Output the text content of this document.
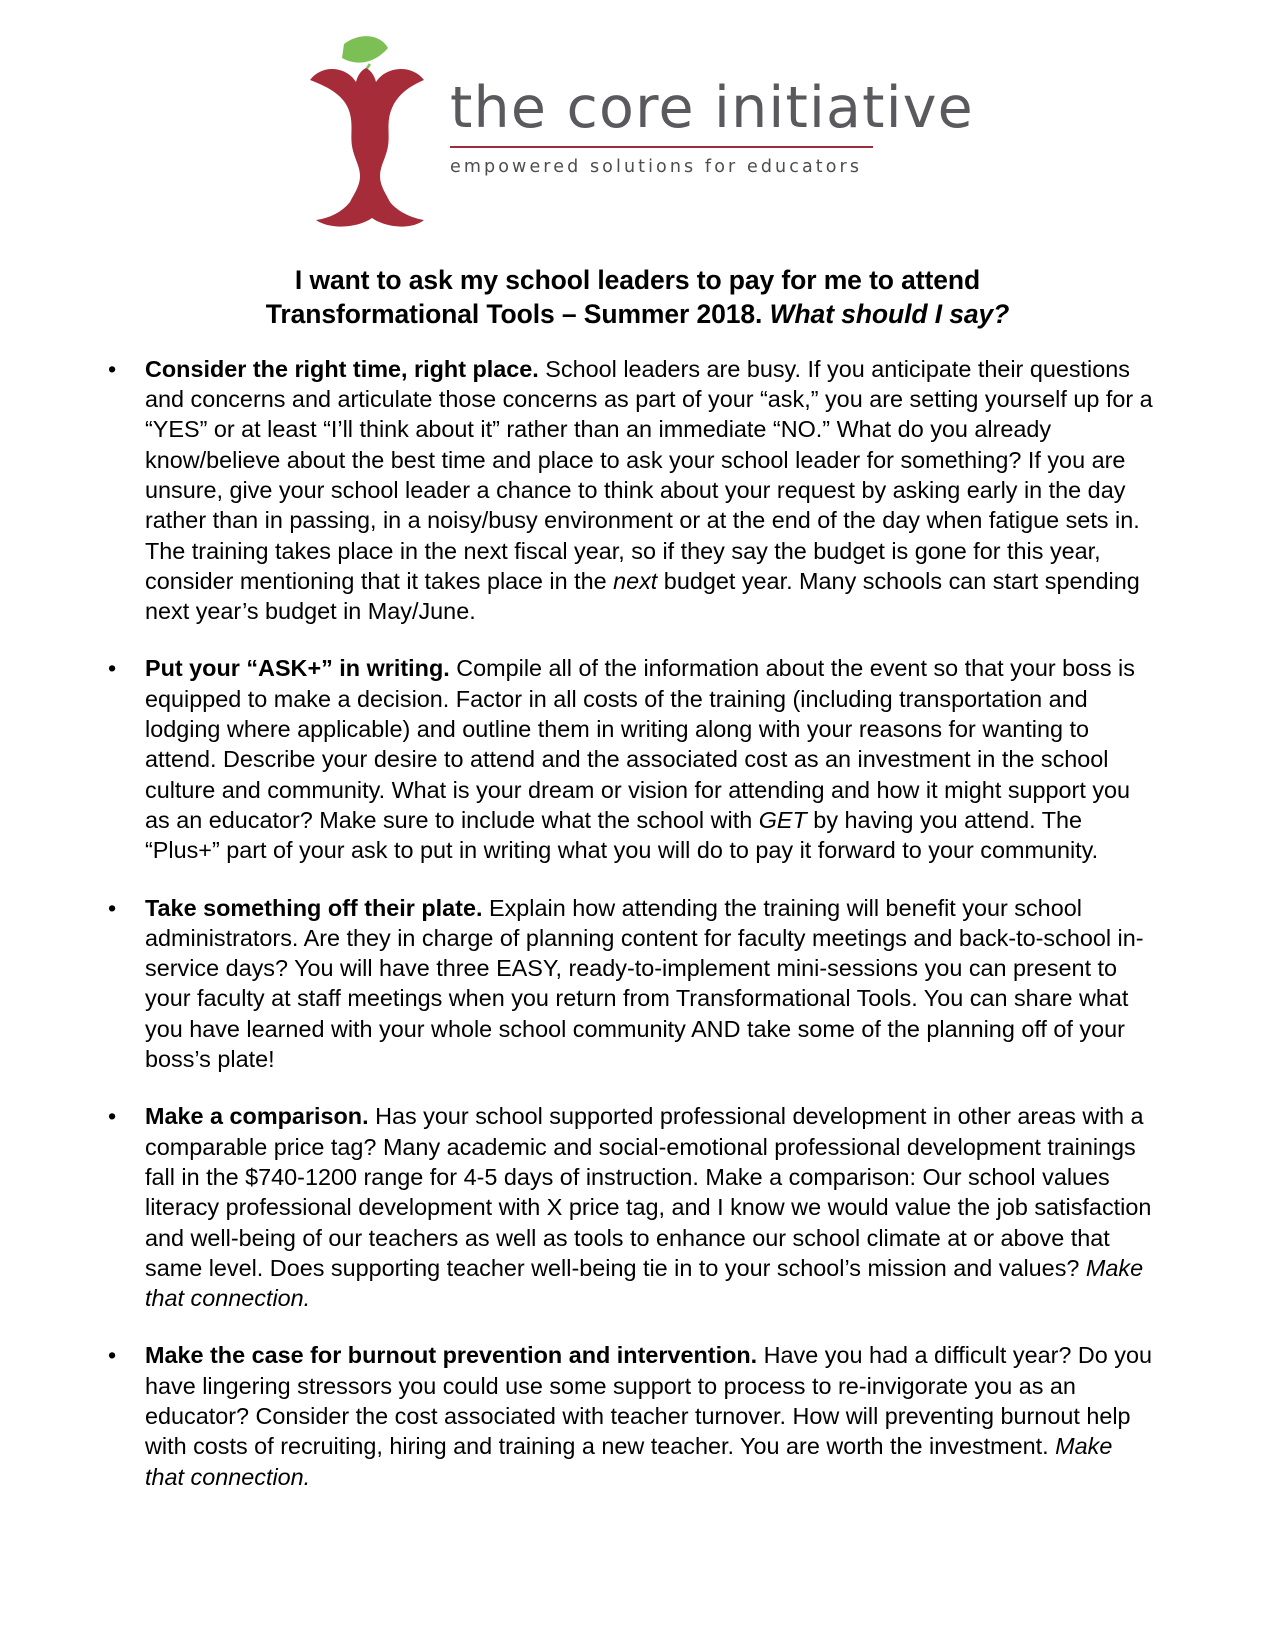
the core initiative
empowered solutions for educators
I want to ask my school leaders to pay for me to attend
Transformational Tools – Summer 2018. What should I say?
• Consider the right time, right place. School leaders are busy. If you anticipate their questions and concerns and articulate those concerns as part of your “ask,” you are setting yourself up for a “YES” or at least “I’ll think about it” rather than an immediate “NO.” What do you already know/believe about the best time and place to ask your school leader for something? If you are unsure, give your school leader a chance to think about your request by asking early in the day rather than in passing, in a noisy/busy environment or at the end of the day when fatigue sets in. The training takes place in the next fiscal year, so if they say the budget is gone for this year, consider mentioning that it takes place in the next budget year. Many schools can start spending next year’s budget in May/June.
• Put your “ASK+” in writing. Compile all of the information about the event so that your boss is equipped to make a decision. Factor in all costs of the training (including transportation and lodging where applicable) and outline them in writing along with your reasons for wanting to attend. Describe your desire to attend and the associated cost as an investment in the school culture and community. What is your dream or vision for attending and how it might support you as an educator? Make sure to include what the school with GET by having you attend. The “Plus+” part of your ask to put in writing what you will do to pay it forward to your community.
• Take something off their plate. Explain how attending the training will benefit your school administrators. Are they in charge of planning content for faculty meetings and back-to-school in-service days? You will have three EASY, ready-to-implement mini-sessions you can present to your faculty at staff meetings when you return from Transformational Tools. You can share what you have learned with your whole school community AND take some of the planning off of your boss’s plate!
• Make a comparison. Has your school supported professional development in other areas with a comparable price tag? Many academic and social-emotional professional development trainings fall in the $740-1200 range for 4-5 days of instruction. Make a comparison: Our school values literacy professional development with X price tag, and I know we would value the job satisfaction and well-being of our teachers as well as tools to enhance our school climate at or above that same level. Does supporting teacher well-being tie in to your school’s mission and values? Make that connection.
• Make the case for burnout prevention and intervention. Have you had a difficult year? Do you have lingering stressors you could use some support to process to re-invigorate you as an educator? Consider the cost associated with teacher turnover. How will preventing burnout help with costs of recruiting, hiring and training a new teacher. You are worth the investment. Make that connection.
